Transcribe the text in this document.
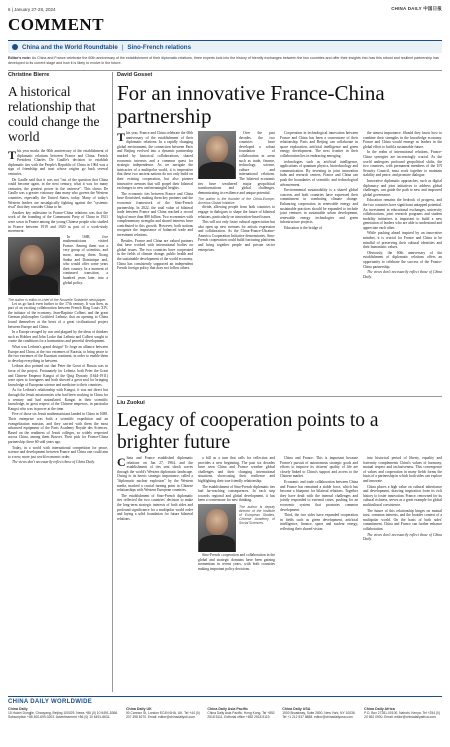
6 | January 27-28, 2024	CHINA DAILY 中国日报
COMMENT
China and the World Roundtable | Sino-French relations
Editor's note: As China and France celebrate the 60th anniversary of the establishment of their diplomatic relations, three experts look into the history of friendly exchanges between the two countries and offer their insights into how this robust and resilient partnership has developed to its current stage and how it is likely to evolve in the future.
Christine Bierre
A historical relationship that could change the world

This year marks the 60th anniversary of the establishment of diplomatic relations between France and China. French President Charles De Gaulle's decision to establish diplomatic ties with the People's Republic of China in 1964 was a sign of friendship and trust whose origins go back several centuries.

De Gaulle said that it was not "out of the question that China could become again, in the next century, what it was for many centuries, the greatest power in the universe". This shows De Gaulle was a greater visionary than many who govern the Western countries, especially the United States, today. Many of today's Western leaders are nostalgically fighting against the "systemic rival" that they consider China to be.

Another key milestone in France-China relations was that the work of the founding of the Communist Party of China in 1921 were sown in France among the young Chinese people who studied in France between 1919 and 1920 as part of a work-study movement.

In 1688, five mathematicians visited France. Among them was a very group of scientists, and more, among them Xiong Sanba and Dominique and, who would offer some years their country. In a moment of continued transition, a hundred years later, into a global policy.

The author is editor-in-chief of the Nouvelle Solidarité newspaper.

Let us go back even further to the 17th century. It was then, as part of an exciting collaboration between French King Louis XIV, the initiator of the economy, Jean-Baptiste Colbert, and the great German philosopher Gottfried Leibniz, that an opening to China found themselves at the heart of a great civilizational project between Europe and China.

In a Europe ravaged by war and plagued by the ideas of thinkers such as Hobbes and John Locke that Leibniz and Colbert sought to create the conditions for a harmonious and peaceful development.

What was Leibniz's grand design? To forge an alliance between Europe and China, at the two extremes of Eurasia, to bring peace to the two extremes of the Eurasian continent, in order to enable them to develop everything in between.

Leibniz also pointed out that Peter the Great of Russia was in favor of the project. Fortunately for Leibniz, both Peter the Great and Chinese Emperor Kangxi of the Qing Dynasty (1644-1911) were open to foreigners and both showed a great zeal for bringing knowledge of European science and medicine to their countries.

As for Leibniz's relationship with Kangxi, it was not direct but through the Jesuit missionaries who had been working in China for a century and had assimilated. Kangxi in their scientific knowledge, in great respect of the Chinese emperors, in particular Kangxi who was in power at the time.

Five of those six Jesuit mathematicians landed in China in 1688. Their enterprise was both a scientific expedition and an evangelization mission, and they carried with them the most advanced equipment of the Paris Academy Royale des Sciences. Based on the readiness of Jesuit colleges, so widely respected across China, among them Bouvet. Their pick for France-China partnership: there 60-odd years ago.

Today, in a world with international competition for peace, science and development between France and China one could aim to a new, more just world economic order.

The views don't necessarily reflect those of China Daily.

David Gosset
For an innovative France-China partnership

This year, France and China celebrate the 60th anniversary of the establishment of their diplomatic relations. In a rapidly changing global environment, the connection between Paris and Beijing evolved into a dynamic partnership marked by historical collaborations, shared economic interests and a common quest for strategic independence. As we navigate the intricacies of a multipolar world, it is imperative that these two ancient nations do not only build on their existing cooperation, but also pioneer innovative avenues that will propel their bilateral exchanges to new and meaningful heights.

The economic ties between France and China have flourished, making them key partners and the economic framework of the Sino-French partnership. In 2022, the total value of bilateral trade between France and China reached a record high of more than $80 billion. Two economies with complementary strengths and shared interests have contributed to this growth. However, both nations recognize the importance of balanced trade and investment relations.

Besides, France and China are valued partners that have worked with international bodies on global issues. The two countries have cooperated in the fields of climate change, public health and the sustainable development of the world economy. China has consistently supported an independent French foreign policy that does not follow others.

Over the past decades, the two countries have developed a robust foundation of collaboration in areas such as trade, finance, technology, science, culture and international relations. The bilateral economic ties have weathered major geopolitical transformations and global challenges, demonstrating its resilience and unique potential.

The author is the founder of the China-Europe-America Global Initiative.

divide, allowing people from both countries to engage in dialogues to shape the future of bilateral relations, particularly on innovation-based issues.

This will not only foster cultural appreciation but also open up new avenues for artistic expression and collaboration. As the China-France-Ukraine-America Cooperation Initiative demonstrates, Sino-French cooperation could build fracturing platforms and bring together people and private sector enterprises.

Cooperation in technological innovation between France and China has been a cornerstone of their relationship. Paris and Beijing can collaborate in space exploration, artificial intelligence and green energy development. The next frontier in their collaboration lies in embracing emerging

technologies such as artificial intelligence, applications of quantum physics, biotechnology and communication. By investing in joint innovation hubs and research centers, France and China can push the boundaries of scientific and technological advancement.

Environmental sustainability is a shared global concern, and both countries have expressed their commitment to combating climate change. Enhancing cooperation in renewable energy and sustainable practices should be expanded to include joint ventures in sustainable urban development, renewable energy technologies and green infrastructure projects.

Education is the bridge of

the utmost importance. Should they know how to combine their strengths in the knowledge economy, France and China would emerge as leaders in the global effort to build a sustainable future.

In the realm of international relations, France-China synergies are increasingly crucial. As the world undergoes profound geopolitical shifts, the two countries, with permanent members of the UN Security Council, must work together to maintain stability and peace, and promote dialogue.

Innovative diplomatic approaches, such as digital diplomacy and joint initiatives to address global challenges, can guide the path to new and improved global governance.

Education remains the bedrock of progress, and the two countries have significant untapped potential. An investment in educational exchanges, university collaborations, joint research programs and student mobility initiatives is important to build a new generation of leaders who are able to understand and appreciate each other.

While pushing ahead inspired by an innovative mindset, it is crucial for France and China to be mindful of preserving their cultural identities and their humanistic values.

Obviously, the 60th anniversary of the establishment of diplomatic relations offers an opportunity to celebrate the success of the France-China partnership.

The views don't necessarily reflect those of China Daily.

Liu Zuokui
Legacy of cooperation points to a brighter future

China and France established diplomatic relations on Jan 27, 1964, and the establishment of ties sent shock waves through the world's Western diplomatic landscape. Owing to its heroic strategic importance, called a "diplomatic nuclear explosion" by the Western media, marked a crucial turning point in Chinese relationships with Western European countries.

The establishment of Sino-French diplomatic ties reflected the two countries' decision to make the long-term strategic interests of both sides and profound significance for a multipolar world order and laying a solid foundation for future bilateral relations.

a bill as a turn that calls for reflection and provides a new beginning. The past six decades have seen China and France weather global challenges and their changing international situations, showcasing their resilience and highlighting their true friendly relationship.

The establishment of Sino-French diplomatic ties had far-reaching consequences. In each step towards regional and global development, it has been a cornerstone for new thinking.

The author is deputy director of the Institute of European Studies, Chinese Academy of Social Sciences.

Sino-French cooperation and collaboration in the global and strategic domains have been gaining momentum in recent years, with both countries making important policy decisions.

China and France. This is important because France's pursuit of autonomous strategic goals and efforts to improve its citizens' quality of life are closely linked to China's support and access to the Chinese market.

Economic and trade collaboration between China and France has remained a stable force, which has become a blueprint for bilateral relations. Together they have dealt with the internal challenges and jointly responded to external crises, pushing for an economic system that promotes common development.

Third, the two sides have expanded cooperation in fields such as green development, artificial intelligence, finance, space and nuclear energy, reflecting their shared vision.

into historical period of liberty, equality and fraternity complements China's values of harmony, mutual respect and inclusiveness. This convergence of values and cooperation in many fields forms the basis of a partnership in which both sides can explore and innovate.

China places a high value on cultural inheritance and development, drawing inspiration from its rich history to foster innovation. France, renowned for its cultural richness, serves as a great example for global multicultural coexistence.

The future of this relationship hinges on mutual trust, common interests, and the broader context of a multipolar world. On the basis of both sides' commitment, China and France can further enhance collaboration.

The views don't necessarily reflect those of China Daily.

CHINA DAILY WORLDWIDE
China Daily
15 Huixin Dongjie, Chaoyang, Beijing 100029. News +86 (0) 10 6491-8366. Subscription +86 400-699-0203. Advertisement +86 (0) 10 6491-8631.
China Daily UK
90 Cannon St, London EC4N 6HA, UK. Tel +44 (0) 207 398 8270. Email: editor@chinadailyuk.com
China Daily Asia Pacific
China Daily Asia Pacific, Hong Kong. Tel +852 2518 5111. Editorial office +852 2518 5119.
China Daily USA
1500 Broadway, Suite 2800, New York, NY 10036. Tel +1 212 537 8888. editor@chinadailyusa.com
China Daily Africa
P.O. Box 27281-00100, Nairobi, Kenya. Tel +254 (0) 20 692 0900. Email: editor@chinadailyafrica.com
